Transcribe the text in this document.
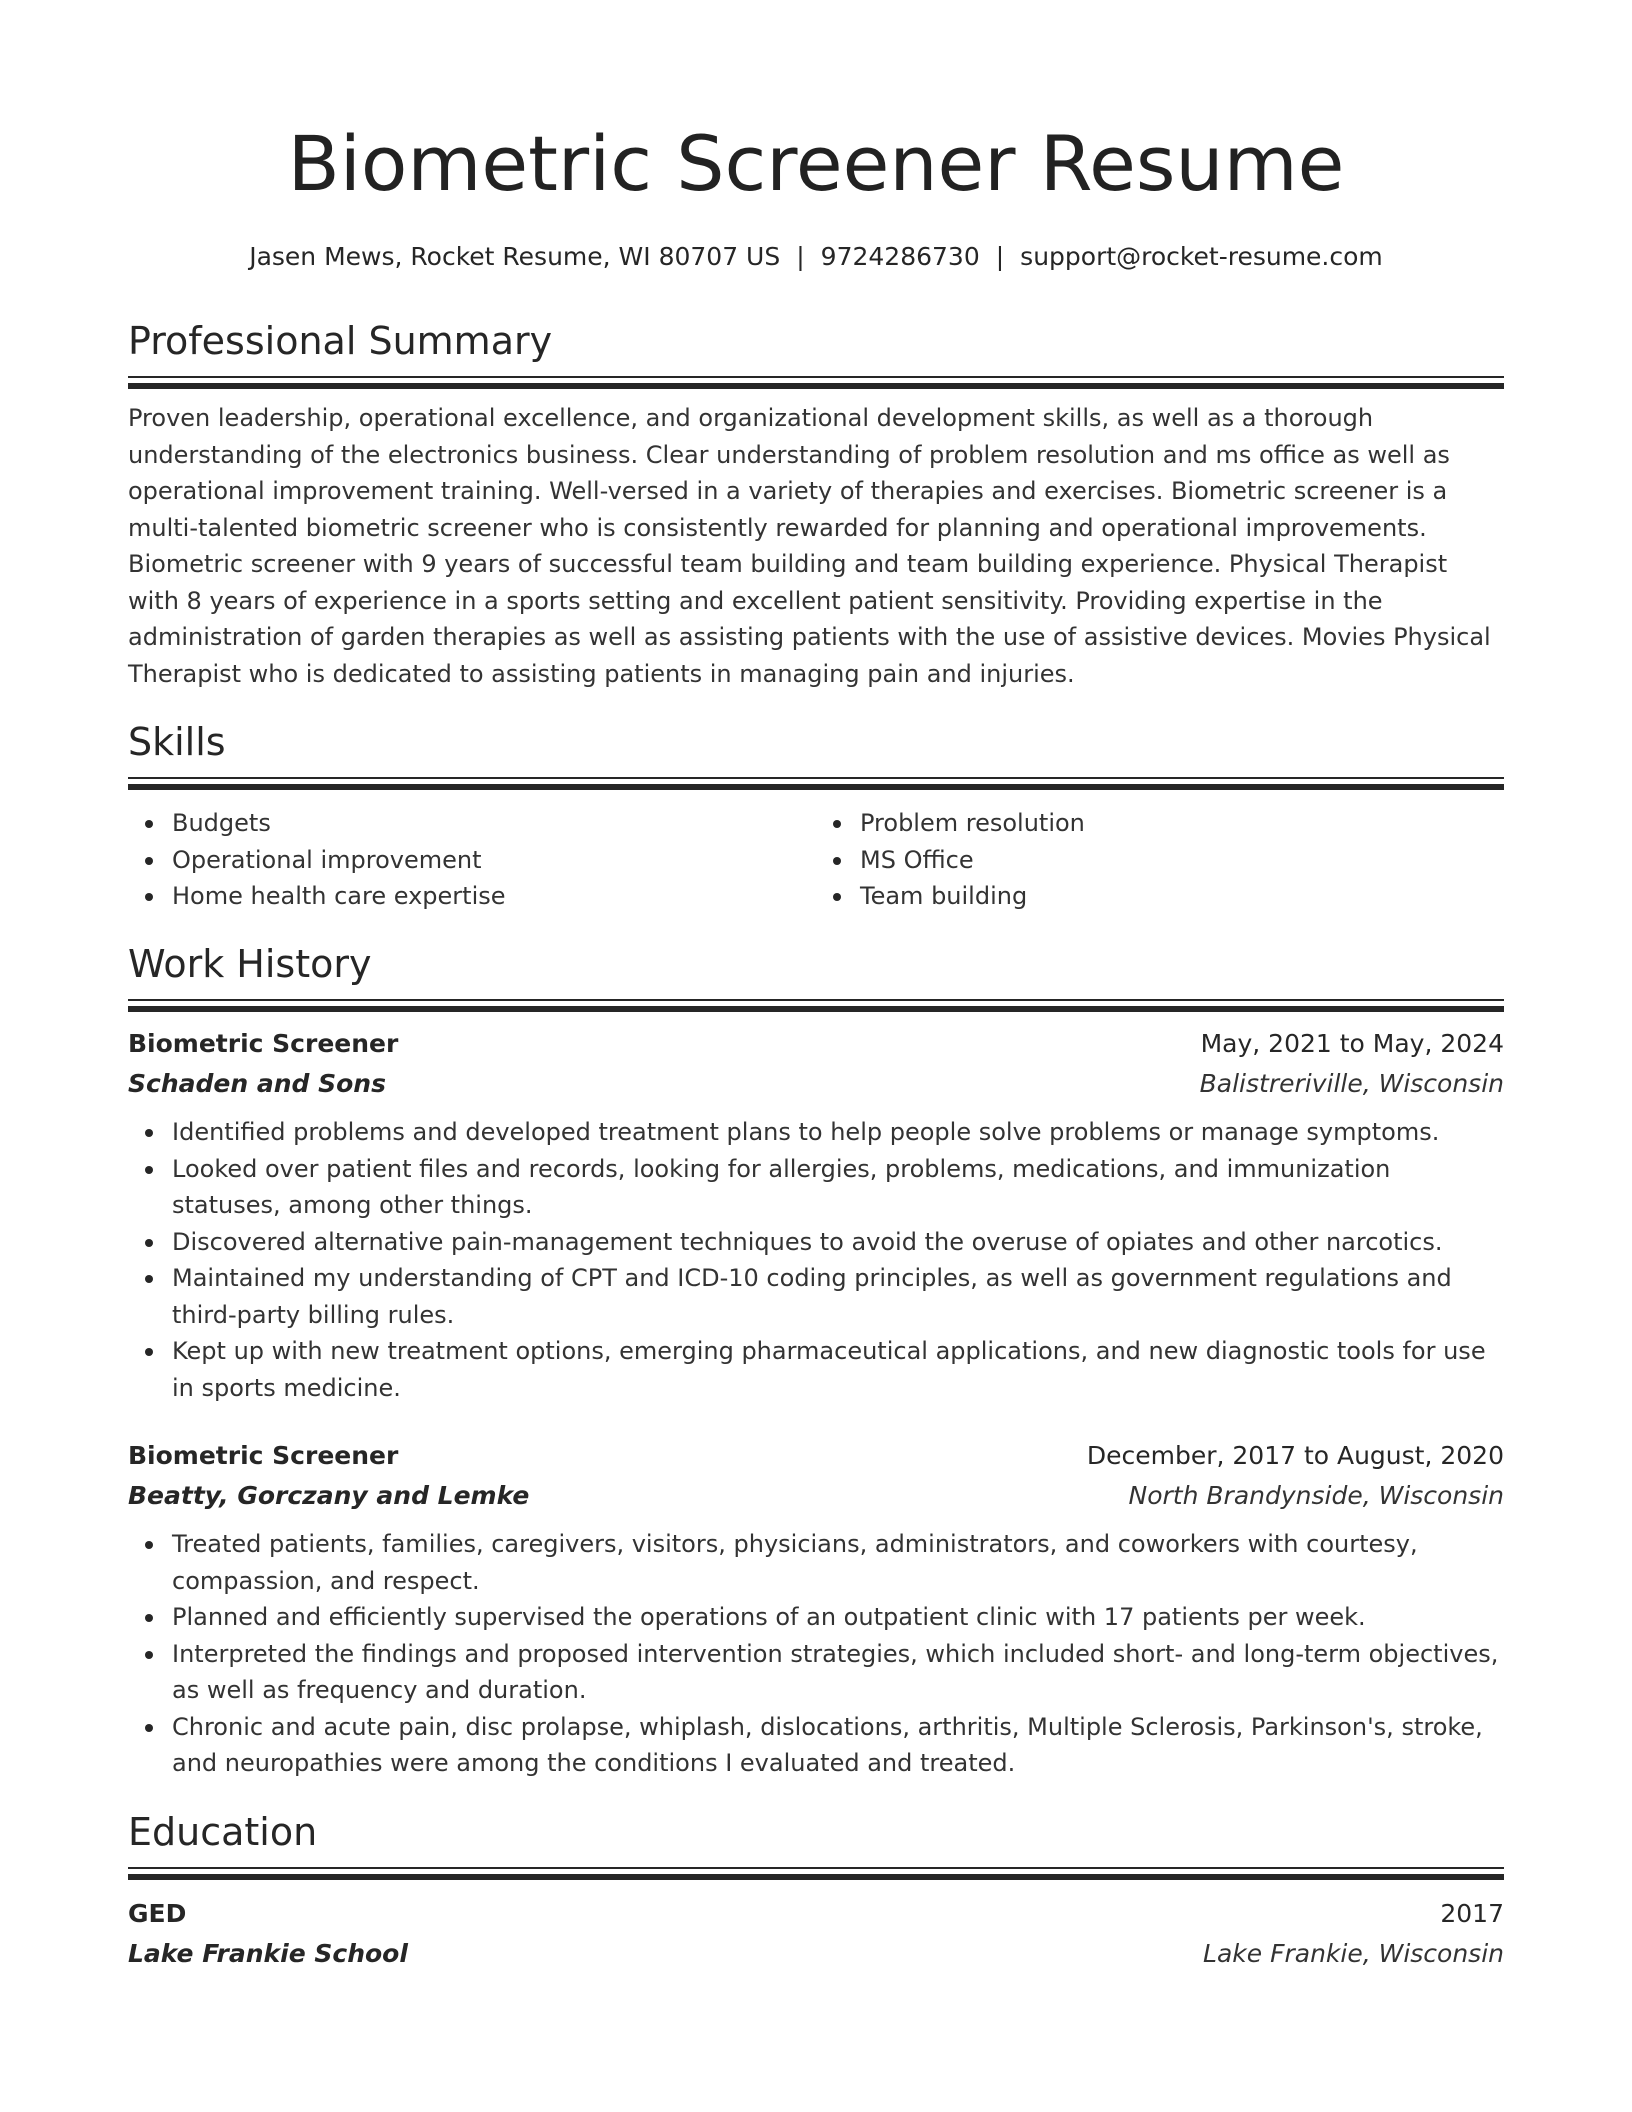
Biometric Screener Resume
Jasen Mews, Rocket Resume, WI 80707 US | 9724286730 | support@rocket-resume.com
Professional Summary
Proven leadership, operational excellence, and organizational development skills, as well as a thorough understanding of the electronics business. Clear understanding of problem resolution and ms office as well as operational improvement training. Well-versed in a variety of therapies and exercises. Biometric screener is a multi-talented biometric screener who is consistently rewarded for planning and operational improvements. Biometric screener with 9 years of successful team building and team building experience. Physical Therapist with 8 years of experience in a sports setting and excellent patient sensitivity. Providing expertise in the administration of garden therapies as well as assisting patients with the use of assistive devices. Movies Physical Therapist who is dedicated to assisting patients in managing pain and injuries.
Skills
Budgets
Operational improvement
Home health care expertise
Problem resolution
MS Office
Team building
Work History
Biometric Screener	May, 2021 to May, 2024
Schaden and Sons	Balistreriville, Wisconsin
Identified problems and developed treatment plans to help people solve problems or manage symptoms.
Looked over patient files and records, looking for allergies, problems, medications, and immunization statuses, among other things.
Discovered alternative pain-management techniques to avoid the overuse of opiates and other narcotics.
Maintained my understanding of CPT and ICD-10 coding principles, as well as government regulations and third-party billing rules.
Kept up with new treatment options, emerging pharmaceutical applications, and new diagnostic tools for use in sports medicine.
Biometric Screener	December, 2017 to August, 2020
Beatty, Gorczany and Lemke	North Brandynside, Wisconsin
Treated patients, families, caregivers, visitors, physicians, administrators, and coworkers with courtesy, compassion, and respect.
Planned and efficiently supervised the operations of an outpatient clinic with 17 patients per week.
Interpreted the findings and proposed intervention strategies, which included short- and long-term objectives, as well as frequency and duration.
Chronic and acute pain, disc prolapse, whiplash, dislocations, arthritis, Multiple Sclerosis, Parkinson's, stroke, and neuropathies were among the conditions I evaluated and treated.
Education
GED	2017
Lake Frankie School	Lake Frankie, Wisconsin
